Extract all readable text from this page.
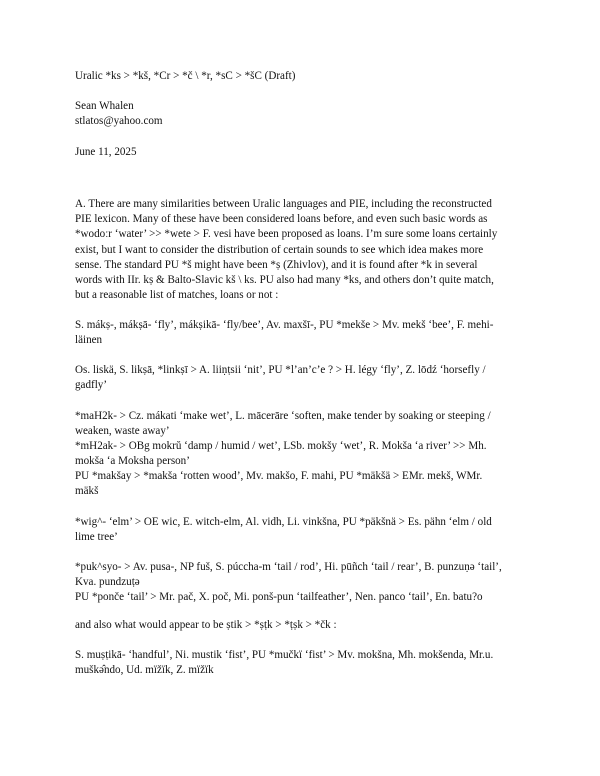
Uralic *ks > *kš, *Cr > *č \ *r, *sC > *šC (Draft)
Sean Whalen
stlatos@yahoo.com
June 11, 2025
A. There are many similarities between Uralic languages and PIE, including the reconstructed
PIE lexicon. Many of these have been considered loans before, and even such basic words as
*wodoːr ‘water’ >> *wete > F. vesi have been proposed as loans. I’m sure some loans certainly
exist, but I want to consider the distribution of certain sounds to see which idea makes more
sense. The standard PU *š might have been *ṣ (Zhivlov), and it is found after *k in several
words with IIr. kṣ & Balto-Slavic kš \ ks. PU also had many *ks, and others don’t quite match,
but a reasonable list of matches, loans or not :
S. mákṣ-, mákṣā- ‘fly’, mákṣikā- ‘fly/bee’, Av. maxšī-, PU *mekše > Mv. mekš ‘bee’, F. mehi-
läinen
Os. liskä, S. likṣā, *linkṣī > A. liiṇṭsii ‘nit’, PU *l’an’c’e ? > H. légy ‘fly’, Z. lōdź ‘horsefly /
gadfly’
*maH2k- > Cz. mákati ‘make wet’, L. mācerāre ‘soften, make tender by soaking or steeping /
weaken, waste away’
*mH2ak- > OBg mokrŭ ‘damp / humid / wet’, LSb. mokšy ‘wet’, R. Mokša ‘a river’ >> Mh.
mokša ‘a Moksha person’
PU *makšay > *makša ‘rotten wood’, Mv. makšo, F. mahi, PU *mäkšä > EMr. mekš, WMr.
mäkš
*wig^- ‘elm’ > OE wic, E. witch-elm, Al. vidh, Li. vinkšna, PU *päkšnä > Es. pähn ‘elm / old
lime tree’
*puk^syo- > Av. pusa-, NP fuš, S. púccha-m ‘tail / rod’, Hi. pūñch ‘tail / rear’, B. punzuṇə ‘tail’,
Kva. pundzuṭə
PU *ponče ‘tail’ > Mr. pač, X. poč, Mi. ponš-pun ‘tailfeather’, Nen. panco ‘tail’, En. batu?o
and also what would appear to be ṣtik > *ṣṭk > *ṭṣk > *čk :
S. muṣṭikā- ‘handful’, Ni. mustik ‘fist’, PU *mučkï ‘fist’ > Mv. mokšna, Mh. mokšenda, Mr.u.
muškə̂ndo, Ud. mïžïk, Z. mïžïk
